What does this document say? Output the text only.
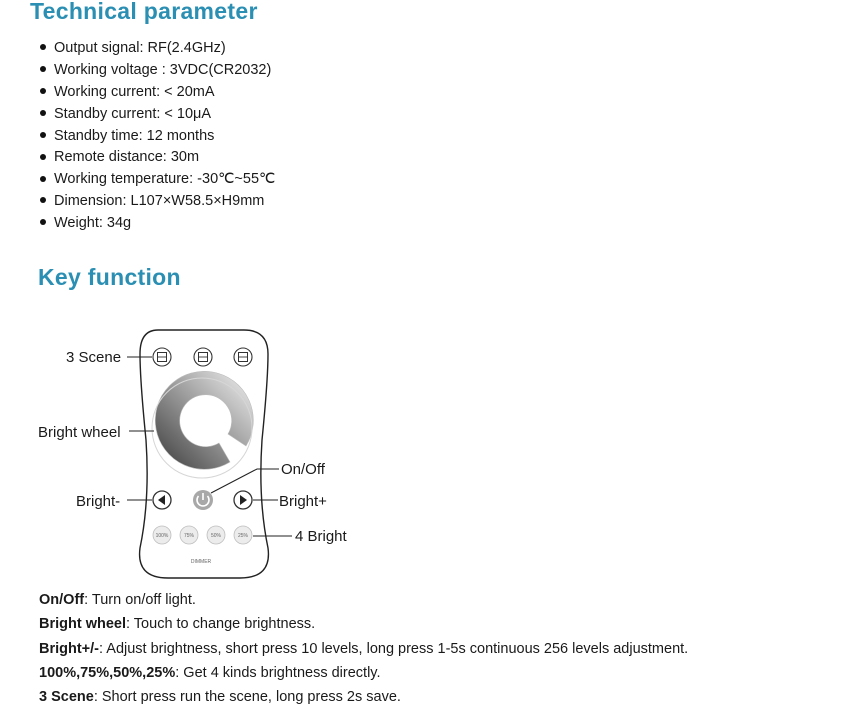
Technical parameter
Output signal: RF(2.4GHz)
Working voltage : 3VDC(CR2032)
Working current: < 20mA
Standby current: < 10μA
Standby time: 12 months
Remote distance: 30m
Working temperature: -30℃~55℃
Dimension: L107×W58.5×H9mm
Weight: 34g
Key function
100%	75%	50%	25%
DIMMER
3 Scene
Bright wheel
On/Off
Bright-	Bright+
4 Bright
On/Off: Turn on/off light.
Bright wheel: Touch to change brightness.
Bright+/-: Adjust brightness, short press 10 levels, long press 1-5s continuous 256 levels adjustment.
100%,75%,50%,25%: Get 4 kinds brightness directly.
3 Scene: Short press run the scene, long press 2s save.
